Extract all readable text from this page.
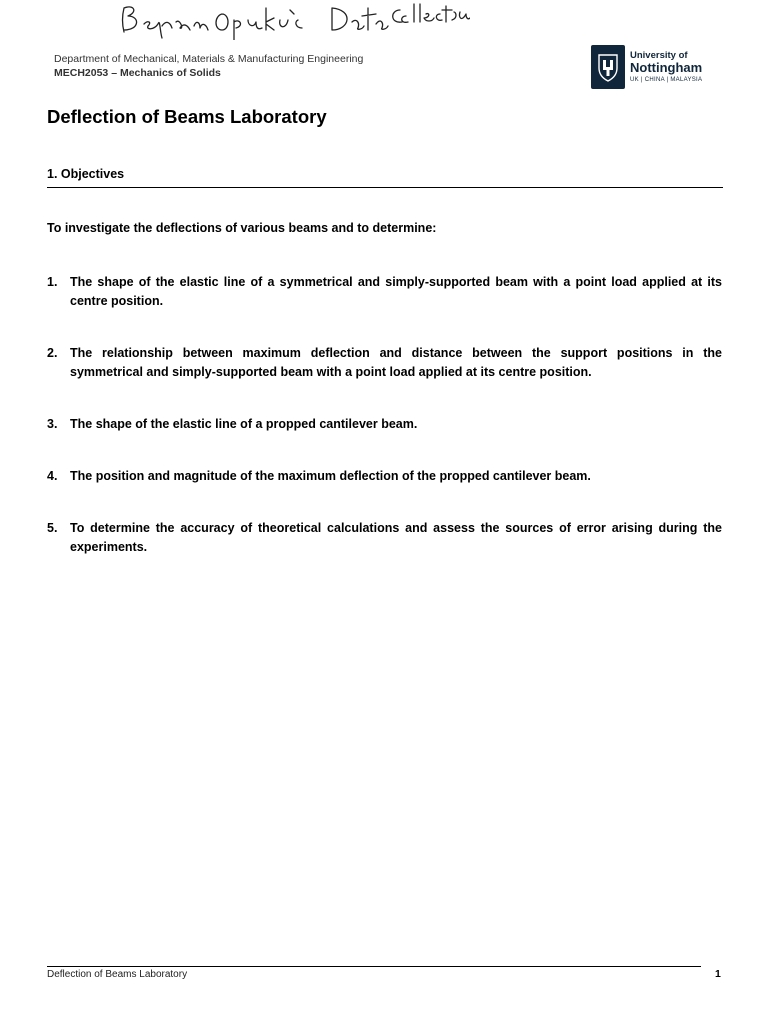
Department of Mechanical, Materials & Manufacturing Engineering
MECH2053 – Mechanics of Solids
University of
Nottingham
UK | CHINA | MALAYSIA
Deflection of Beams Laboratory
1. Objectives
To investigate the deflections of various beams and to determine:
1.	The shape of the elastic line of a symmetrical and simply-supported beam with a point load applied at its centre position.
2.	The relationship between maximum deflection and distance between the support positions in the symmetrical and simply-supported beam with a point load applied at its centre position.
3.	The shape of the elastic line of a propped cantilever beam.
4.	The position and magnitude of the maximum deflection of the propped cantilever beam.
5.	To determine the accuracy of theoretical calculations and assess the sources of error arising during the experiments.
Deflection of Beams Laboratory	1
